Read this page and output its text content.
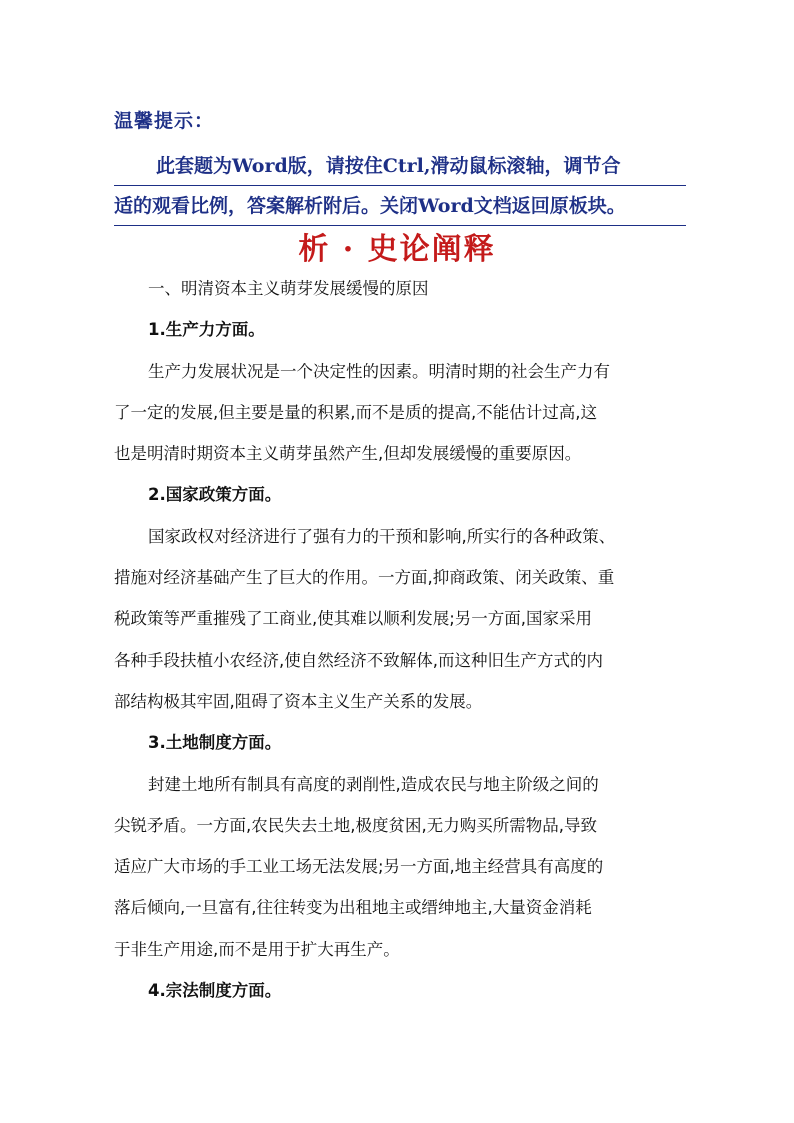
温馨提示：
此套题为Word版，请按住Ctrl,滑动鼠标滚轴，调节合
适的观看比例，答案解析附后。关闭Word文档返回原板块。
析 · 史论阐释

一、明清资本主义萌芽发展缓慢的原因

1.生产力方面。

生产力发展状况是一个决定性的因素。明清时期的社会生产力有

了一定的发展,但主要是量的积累,而不是质的提高,不能估计过高,这

也是明清时期资本主义萌芽虽然产生,但却发展缓慢的重要原因。

2.国家政策方面。

国家政权对经济进行了强有力的干预和影响,所实行的各种政策、

措施对经济基础产生了巨大的作用。一方面,抑商政策、闭关政策、重

税政策等严重摧残了工商业,使其难以顺利发展;另一方面,国家采用

各种手段扶植小农经济,使自然经济不致解体,而这种旧生产方式的内

部结构极其牢固,阻碍了资本主义生产关系的发展。

3.土地制度方面。

封建土地所有制具有高度的剥削性,造成农民与地主阶级之间的

尖锐矛盾。一方面,农民失去土地,极度贫困,无力购买所需物品,导致

适应广大市场的手工业工场无法发展;另一方面,地主经营具有高度的

落后倾向,一旦富有,往往转变为出租地主或缙绅地主,大量资金消耗

于非生产用途,而不是用于扩大再生产。

4.宗法制度方面。
